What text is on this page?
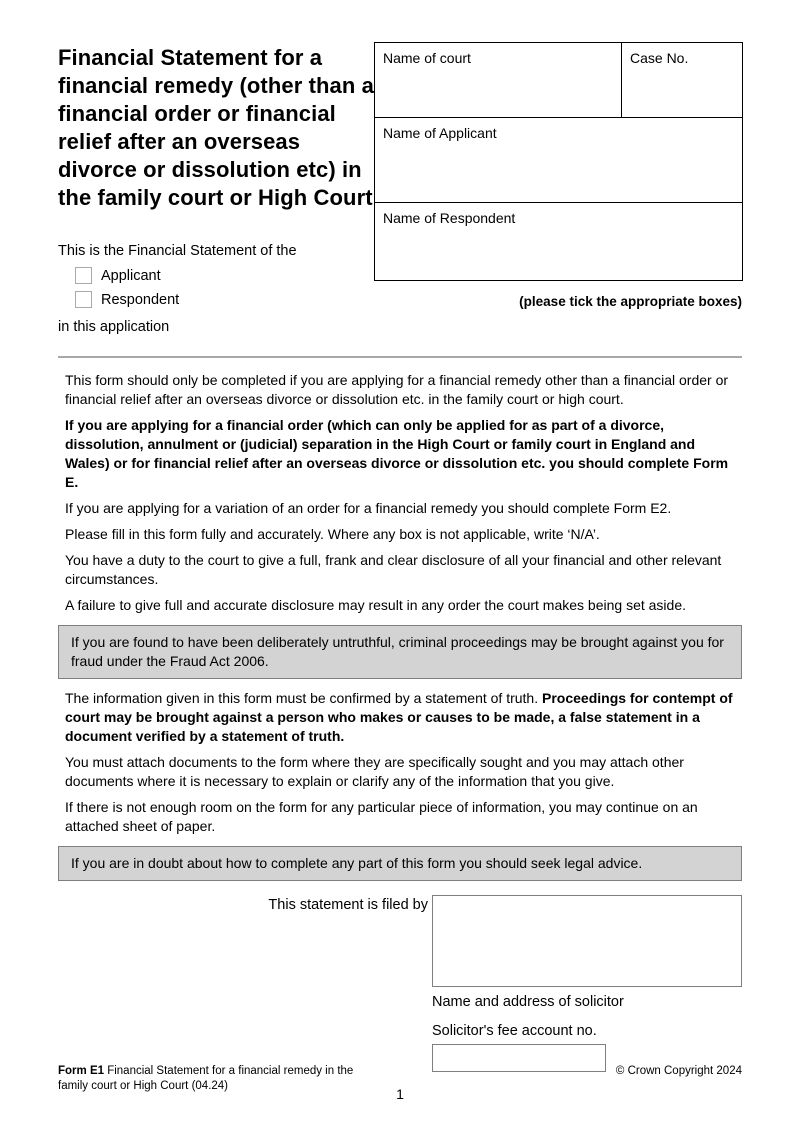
Financial Statement for a financial remedy (other than a financial order or financial relief after an overseas divorce or dissolution etc) in the family court or High Court
This is the Financial Statement of the
Applicant
Respondent
in this application
Name of court	Case No.
Name of Applicant
Name of Respondent
(please tick the appropriate boxes)
This form should only be completed if you are applying for a financial remedy other than a financial order or financial relief after an overseas divorce or dissolution etc. in the family court or high court.
If you are applying for a financial order (which can only be applied for as part of a divorce, dissolution, annulment or (judicial) separation in the High Court or family court in England and Wales) or for financial relief after an overseas divorce or dissolution etc. you should complete Form E.
If you are applying for a variation of an order for a financial remedy you should complete Form E2.
Please fill in this form fully and accurately. Where any box is not applicable, write ‘N/A’.
You have a duty to the court to give a full, frank and clear disclosure of all your financial and other relevant circumstances.
A failure to give full and accurate disclosure may result in any order the court makes being set aside.
If you are found to have been deliberately untruthful, criminal proceedings may be brought against you for fraud under the Fraud Act 2006.
The information given in this form must be confirmed by a statement of truth. Proceedings for contempt of court may be brought against a person who makes or causes to be made, a false statement in a document verified by a statement of truth.
You must attach documents to the form where they are specifically sought and you may attach other documents where it is necessary to explain or clarify any of the information that you give.
If there is not enough room on the form for any particular piece of information, you may continue on an attached sheet of paper.
If you are in doubt about how to complete any part of this form you should seek legal advice.
This statement is filed by
Name and address of solicitor
Solicitor's fee account no.
Form E1 Financial Statement for a financial remedy in the family court or High Court (04.24)
© Crown Copyright 2024
1
